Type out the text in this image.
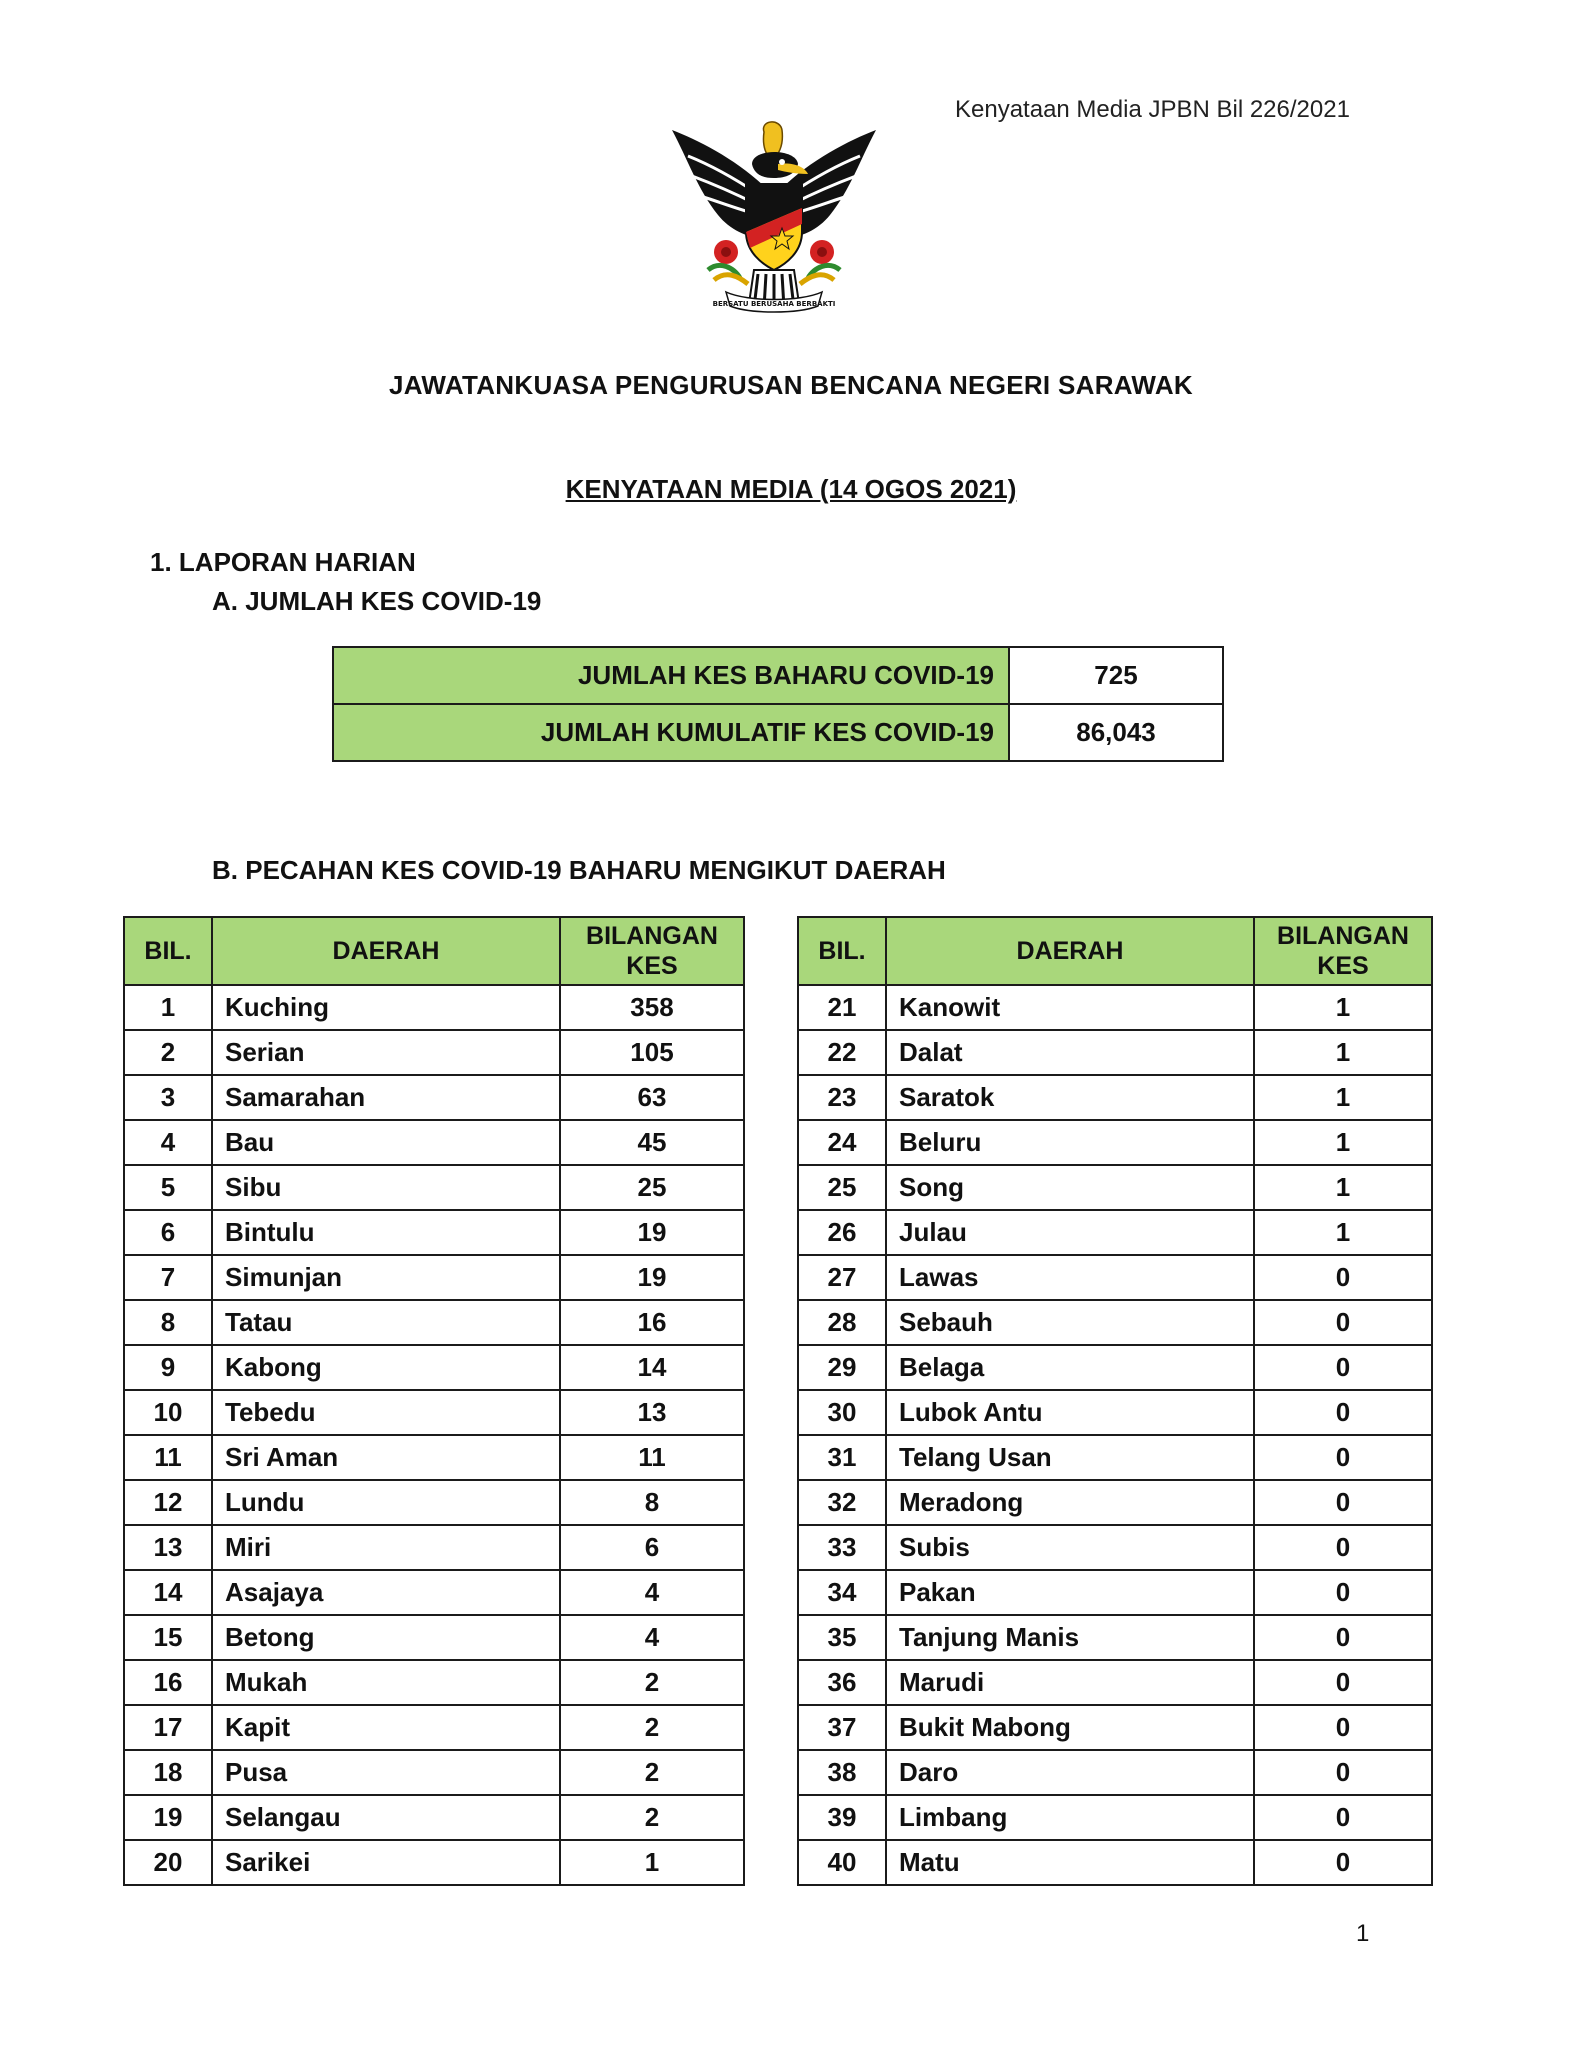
Kenyataan Media JPBN Bil 226/2021
BERSATU BERUSAHA BERBAKTI
JAWATANKUASA PENGURUSAN BENCANA NEGERI SARAWAK
KENYATAAN MEDIA (14 OGOS 2021)
1. LAPORAN HARIAN
A. JUMLAH KES COVID-19
JUMLAH KES BAHARU COVID-19	725
JUMLAH KUMULATIF KES COVID-19	86,043
B. PECAHAN KES COVID-19 BAHARU MENGIKUT DAERAH
BIL.	DAERAH	BILANGAN KES
1	Kuching	358
2	Serian	105
3	Samarahan	63
4	Bau	45
5	Sibu	25
6	Bintulu	19
7	Simunjan	19
8	Tatau	16
9	Kabong	14
10	Tebedu	13
11	Sri Aman	11
12	Lundu	8
13	Miri	6
14	Asajaya	4
15	Betong	4
16	Mukah	2
17	Kapit	2
18	Pusa	2
19	Selangau	2
20	Sarikei	1
BIL.	DAERAH	BILANGAN KES
21	Kanowit	1
22	Dalat	1
23	Saratok	1
24	Beluru	1
25	Song	1
26	Julau	1
27	Lawas	0
28	Sebauh	0
29	Belaga	0
30	Lubok Antu	0
31	Telang Usan	0
32	Meradong	0
33	Subis	0
34	Pakan	0
35	Tanjung Manis	0
36	Marudi	0
37	Bukit Mabong	0
38	Daro	0
39	Limbang	0
40	Matu	0
1
